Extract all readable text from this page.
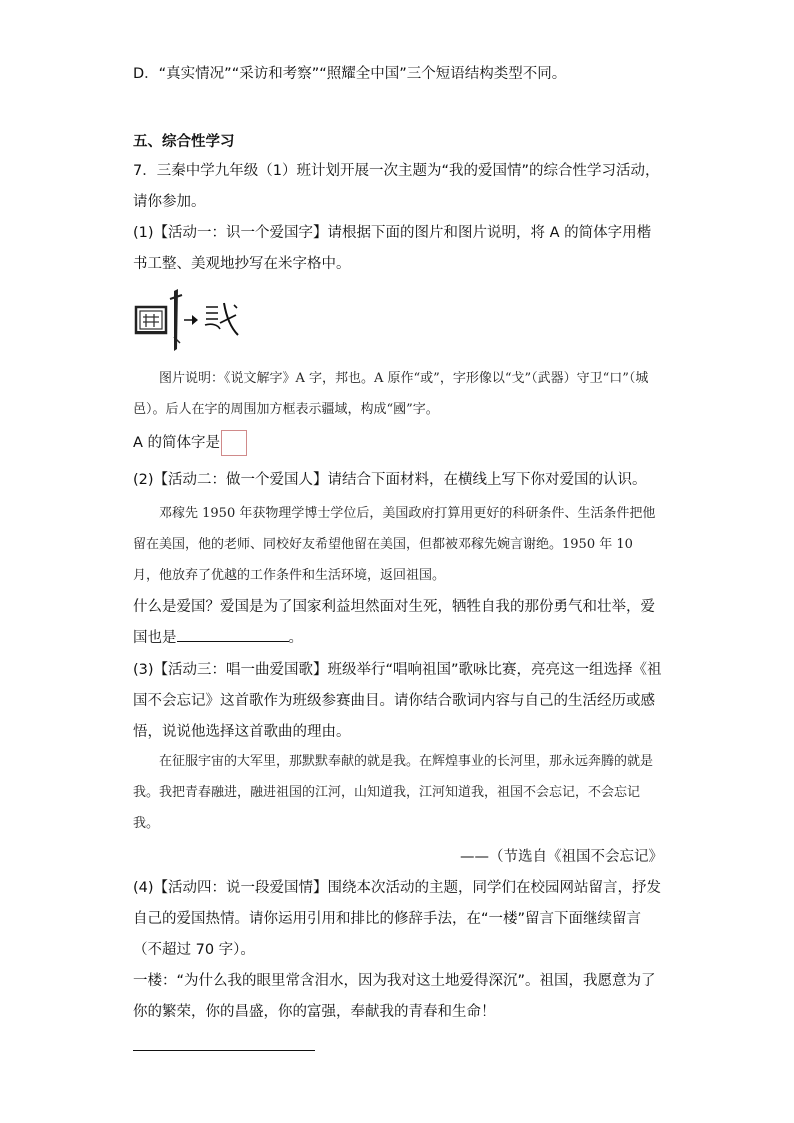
D．“真实情况”“采访和考察”“照耀全中国”三个短语结构类型不同。

五、综合性学习

7．三秦中学九年级（1）班计划开展一次主题为“我的爱国情”的综合性学习活动，请你参加。

(1)【活动一：识一个爱国字】请根据下面的图片和图片说明，将 A 的简体字用楷书工整、美观地抄写在米字格中。

图片说明：《说文解字》A 字，邦也。A 原作“或”，字形像以“戈”（武器）守卫“口”（城邑）。后人在字的周围加方框表示疆域，构成“國”字。

A 的简体字是

(2)【活动二：做一个爱国人】请结合下面材料，在横线上写下你对爱国的认识。

邓稼先 1950 年获物理学博士学位后，美国政府打算用更好的科研条件、生活条件把他留在美国，他的老师、同校好友希望他留在美国，但都被邓稼先婉言谢绝。1950 年 10 月，他放弃了优越的工作条件和生活环境，返回祖国。

什么是爱国？爱国是为了国家利益坦然面对生死，牺牲自我的那份勇气和壮举，爱国也是	。

(3)【活动三：唱一曲爱国歌】班级举行“唱响祖国”歌咏比赛，亮亮这一组选择《祖国不会忘记》这首歌作为班级参赛曲目。请你结合歌词内容与自己的生活经历或感悟，说说他选择这首歌曲的理由。

在征服宇宙的大军里，那默默奉献的就是我。在辉煌事业的长河里，那永远奔腾的就是我。我把青春融进，融进祖国的江河，山知道我，江河知道我，祖国不会忘记，不会忘记我。

——（节选自《祖国不会忘记》

(4)【活动四：说一段爱国情】围绕本次活动的主题，同学们在校园网站留言，抒发自己的爱国热情。请你运用引用和排比的修辞手法，在“一楼”留言下面继续留言（不超过 70 字）。

一楼：“为什么我的眼里常含泪水，因为我对这土地爱得深沉”。祖国，我愿意为了你的繁荣，你的昌盛，你的富强，奉献我的青春和生命！
